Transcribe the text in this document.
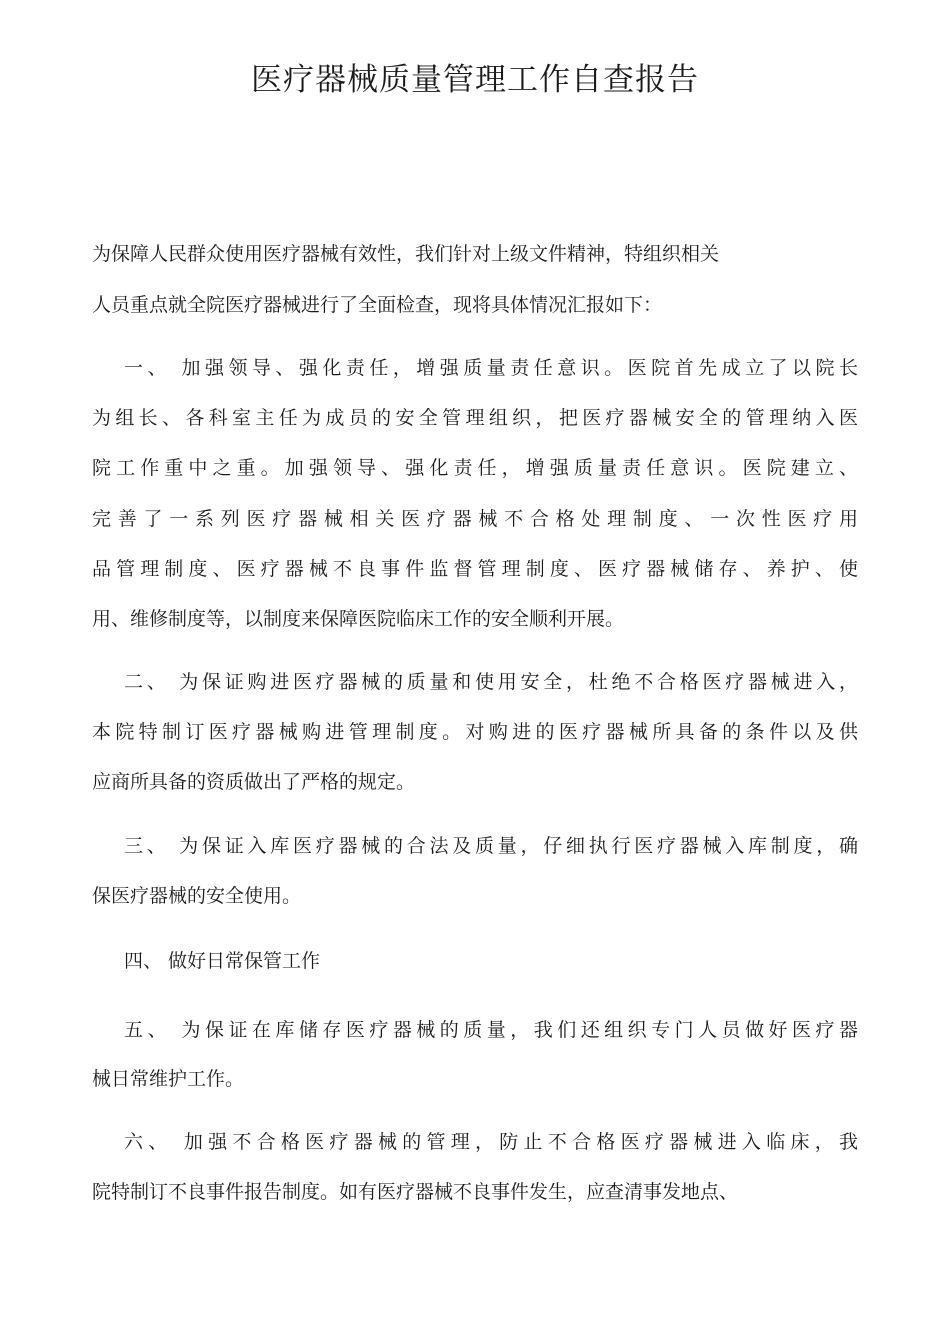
医疗器械质量管理工作自查报告

为保障人民群众使用医疗器械有效性，我们针对上级文件精神，特组织相关

人员重点就全院医疗器械进行了全面检查，现将具体情况汇报如下：

一、 加强领导、强化责任，增强质量责任意识。医院首先成立了以院长

为组长、各科室主任为成员的安全管理组织，把医疗器械安全的管理纳入医

院工作重中之重。加强领导、强化责任，增强质量责任意识。医院建立、

完善了一系列医疗器械相关医疗器械不合格处理制度、一次性医疗用

品管理制度、医疗器械不良事件监督管理制度、医疗器械储存、养护、使

用、维修制度等，以制度来保障医院临床工作的安全顺利开展。

二、 为保证购进医疗器械的质量和使用安全，杜绝不合格医疗器械进入，

本院特制订医疗器械购进管理制度。对购进的医疗器械所具备的条件以及供

应商所具备的资质做出了严格的规定。

三、 为保证入库医疗器械的合法及质量，仔细执行医疗器械入库制度，确

保医疗器械的安全使用。

四、 做好日常保管工作

五、 为保证在库储存医疗器械的质量，我们还组织专门人员做好医疗器

械日常维护工作。

六、 加强不合格医疗器械的管理，防止不合格医疗器械进入临床，我

院特制订不良事件报告制度。如有医疗器械不良事件发生，应查清事发地点、
